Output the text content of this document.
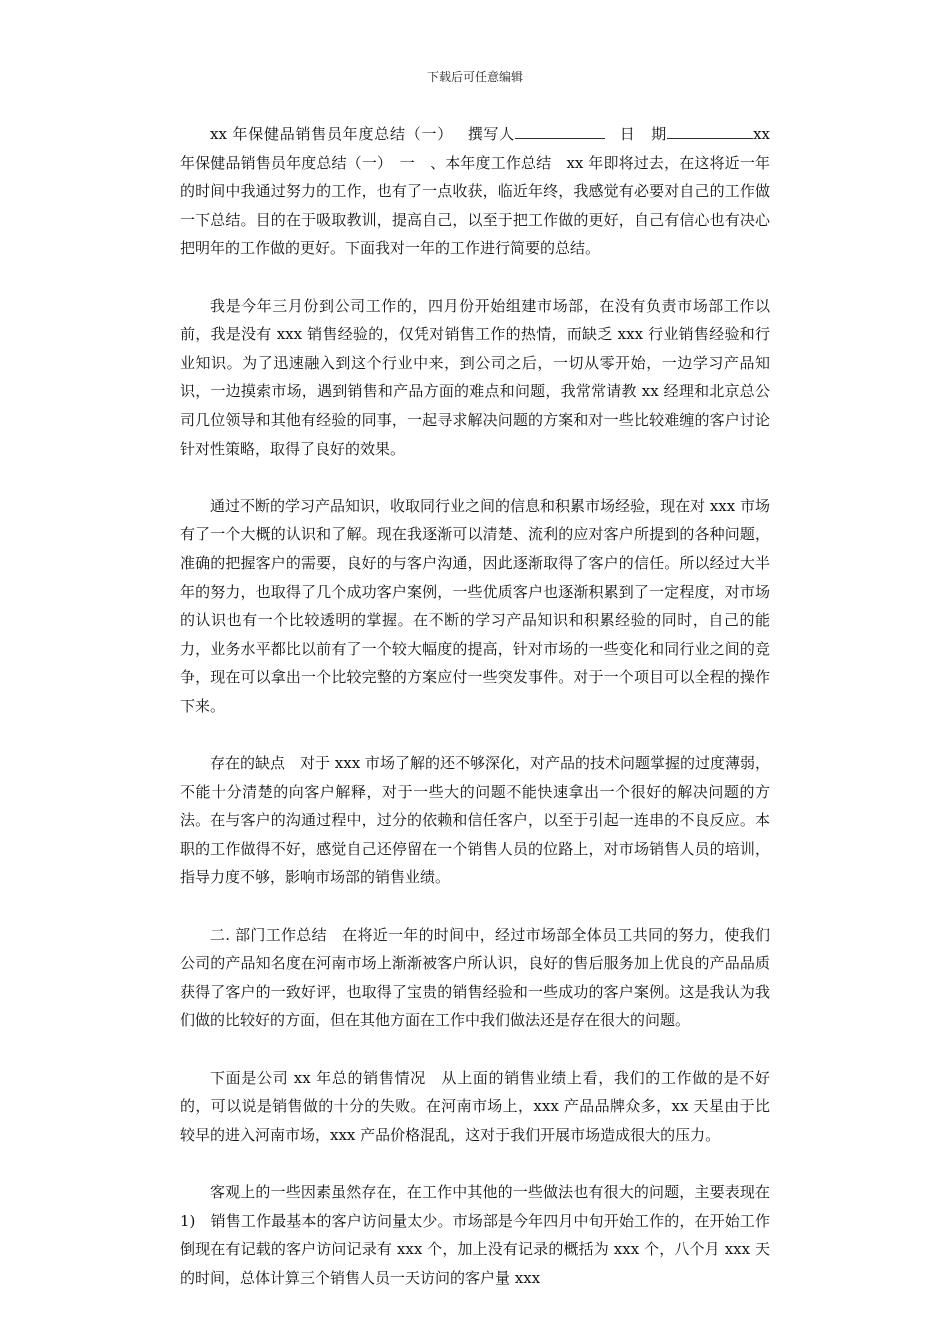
下载后可任意编辑
xx 年保健品销售员年度总结（一） 撰写人	日　期	xx 年保健品销售员年度总结（一）　一　、本年度工作总结　xx 年即将过去，在这将近一年的时间中我通过努力的工作，也有了一点收获，临近年终，我感觉有必要对自己的工作做一下总结。目的在于吸取教训，提高自己，以至于把工作做的更好，自己有信心也有决心把明年的工作做的更好。下面我对一年的工作进行简要的总结。

我是今年三月份到公司工作的，四月份开始组建市场部，在没有负责市场部工作以前，我是没有 xxx 销售经验的，仅凭对销售工作的热情，而缺乏 xxx 行业销售经验和行业知识。为了迅速融入到这个行业中来，到公司之后，一切从零开始，一边学习产品知识，一边摸索市场，遇到销售和产品方面的难点和问题，我常常请教 xx 经理和北京总公司几位领导和其他有经验的同事，一起寻求解决问题的方案和对一些比较难缠的客户讨论针对性策略，取得了良好的效果。

通过不断的学习产品知识，收取同行业之间的信息和积累市场经验，现在对 xxx 市场有了一个大概的认识和了解。现在我逐渐可以清楚、流利的应对客户所提到的各种问题，准确的把握客户的需要，良好的与客户沟通，因此逐渐取得了客户的信任。所以经过大半年的努力，也取得了几个成功客户案例，一些优质客户也逐渐积累到了一定程度，对市场的认识也有一个比较透明的掌握。在不断的学习产品知识和积累经验的同时，自己的能力，业务水平都比以前有了一个较大幅度的提高，针对市场的一些变化和同行业之间的竞争，现在可以拿出一个比较完整的方案应付一些突发事件。对于一个项目可以全程的操作下来。

存在的缺点　对于 xxx 市场了解的还不够深化，对产品的技术问题掌握的过度薄弱，不能十分清楚的向客户解释，对于一些大的问题不能快速拿出一个很好的解决问题的方法。在与客户的沟通过程中，过分的依赖和信任客户，以至于引起一连串的不良反应。本职的工作做得不好，感觉自己还停留在一个销售人员的位路上，对市场销售人员的培训，指导力度不够，影响市场部的销售业绩。

二. 部门工作总结　在将近一年的时间中，经过市场部全体员工共同的努力，使我们公司的产品知名度在河南市场上渐渐被客户所认识，良好的售后服务加上优良的产品品质获得了客户的一致好评，也取得了宝贵的销售经验和一些成功的客户案例。这是我认为我们做的比较好的方面，但在其他方面在工作中我们做法还是存在很大的问题。

下面是公司 xx 年总的销售情况　从上面的销售业绩上看，我们的工作做的是不好的，可以说是销售做的十分的失败。在河南市场上，xxx 产品品牌众多，xx 天星由于比较早的进入河南市场，xxx 产品价格混乱，这对于我们开展市场造成很大的压力。

客观上的一些因素虽然存在，在工作中其他的一些做法也有很大的问题，主要表现在　1)　销售工作最基本的客户访问量太少。市场部是今年四月中旬开始工作的，在开始工作倒现在有记载的客户访问记录有 xxx 个，加上没有记录的概括为 xxx 个，八个月 xxx 天的时间，总体计算三个销售人员一天访问的客户量 xxx
